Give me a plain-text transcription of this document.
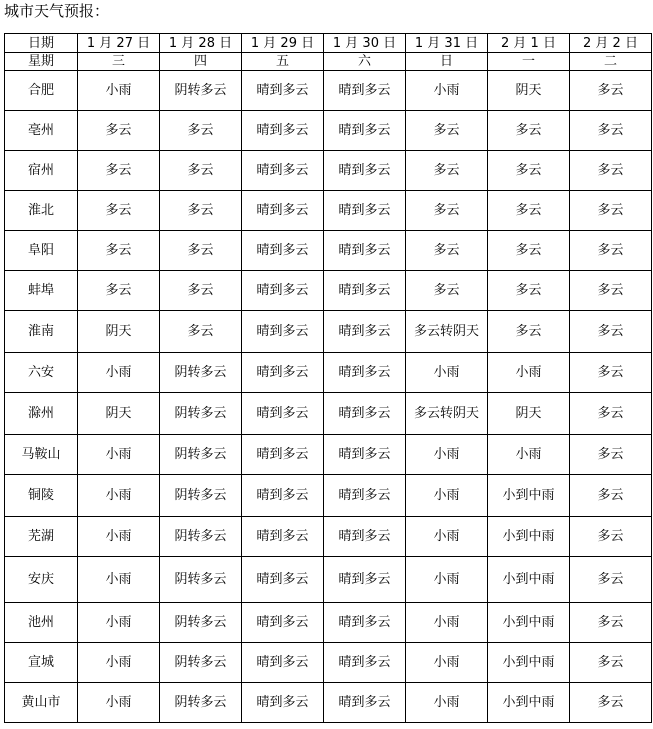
城市天气预报：
日期	1 月 27 日	1 月 28 日	1 月 29 日	1 月 30 日	1 月 31 日	2 月 1 日	2 月 2 日
星期	三	四	五	六	日	一	二
合肥	小雨	阴转多云	晴到多云	晴到多云	小雨	阴天	多云
亳州	多云	多云	晴到多云	晴到多云	多云	多云	多云
宿州	多云	多云	晴到多云	晴到多云	多云	多云	多云
淮北	多云	多云	晴到多云	晴到多云	多云	多云	多云
阜阳	多云	多云	晴到多云	晴到多云	多云	多云	多云
蚌埠	多云	多云	晴到多云	晴到多云	多云	多云	多云
淮南	阴天	多云	晴到多云	晴到多云	多云转阴天	多云	多云
六安	小雨	阴转多云	晴到多云	晴到多云	小雨	小雨	多云
滁州	阴天	阴转多云	晴到多云	晴到多云	多云转阴天	阴天	多云
马鞍山	小雨	阴转多云	晴到多云	晴到多云	小雨	小雨	多云
铜陵	小雨	阴转多云	晴到多云	晴到多云	小雨	小到中雨	多云
芜湖	小雨	阴转多云	晴到多云	晴到多云	小雨	小到中雨	多云
安庆	小雨	阴转多云	晴到多云	晴到多云	小雨	小到中雨	多云
池州	小雨	阴转多云	晴到多云	晴到多云	小雨	小到中雨	多云
宣城	小雨	阴转多云	晴到多云	晴到多云	小雨	小到中雨	多云
黄山市	小雨	阴转多云	晴到多云	晴到多云	小雨	小到中雨	多云
